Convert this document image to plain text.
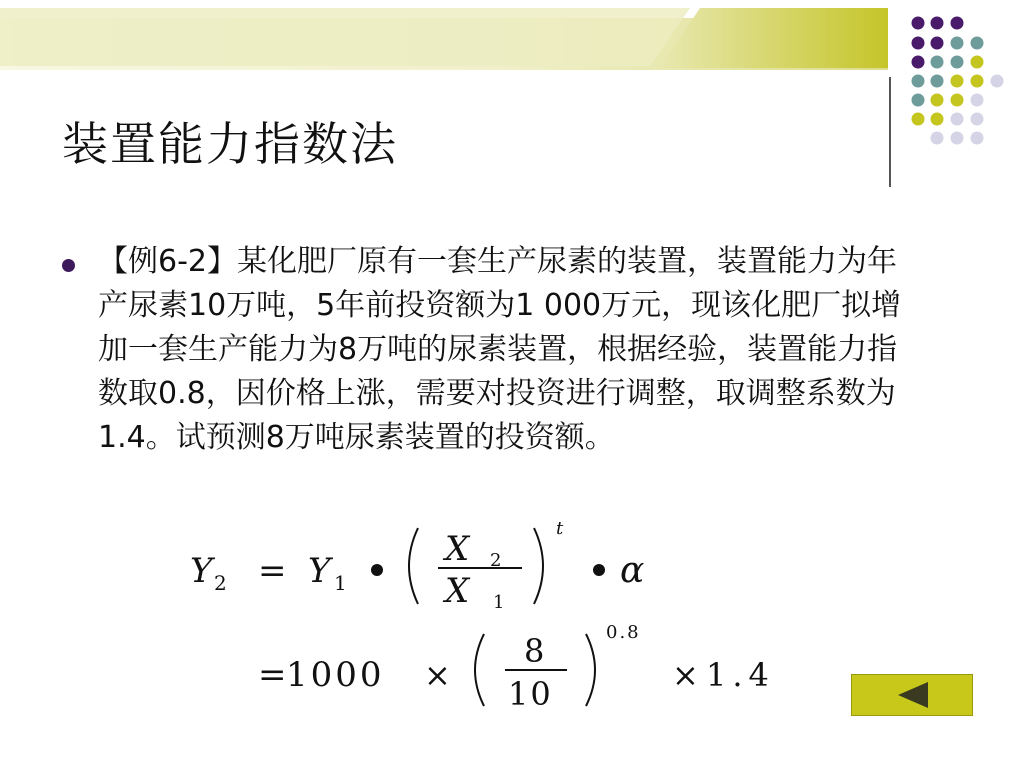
装置能力指数法

【例6-2】某化肥厂原有一套生产尿素的装置，装置能力为年产尿素10万吨，5年前投资额为1 000万元，现该化肥厂拟增加一套生产能力为8万吨的尿素装置，根据经验，装置能力指数取0.8，因价格上涨，需要对投资进行调整，取调整系数为1.4。试预测8万吨尿素装置的投资额。

Y 2 = Y 1
X 2
X 1
t
α
= 1000 ×
8
10
0.8
× 1.4
